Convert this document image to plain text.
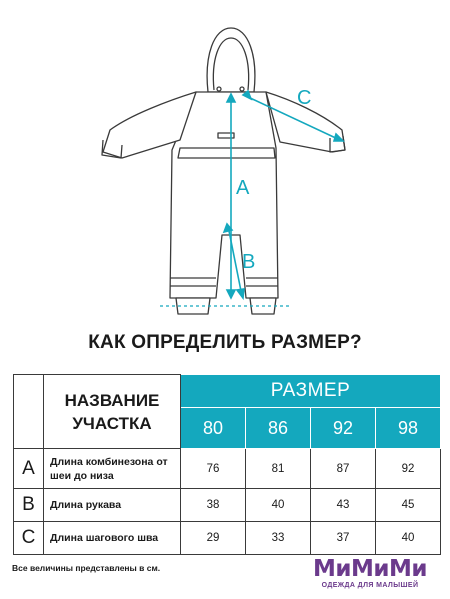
A
B
C
КАК ОПРЕДЕЛИТЬ РАЗМЕР?
	НАЗВАНИЕ УЧАСТКА	РАЗМЕР			
		80	86	92	98
A	Длина комбинезона от шеи до низа	76	81	87	92
B	Длина рукава	38	40	43	45
C	Длина шагового шва	29	33	37	40
Все величины представлены в см.	МиМиМи
ОДЕЖДА ДЛЯ МАЛЫШЕЙ
